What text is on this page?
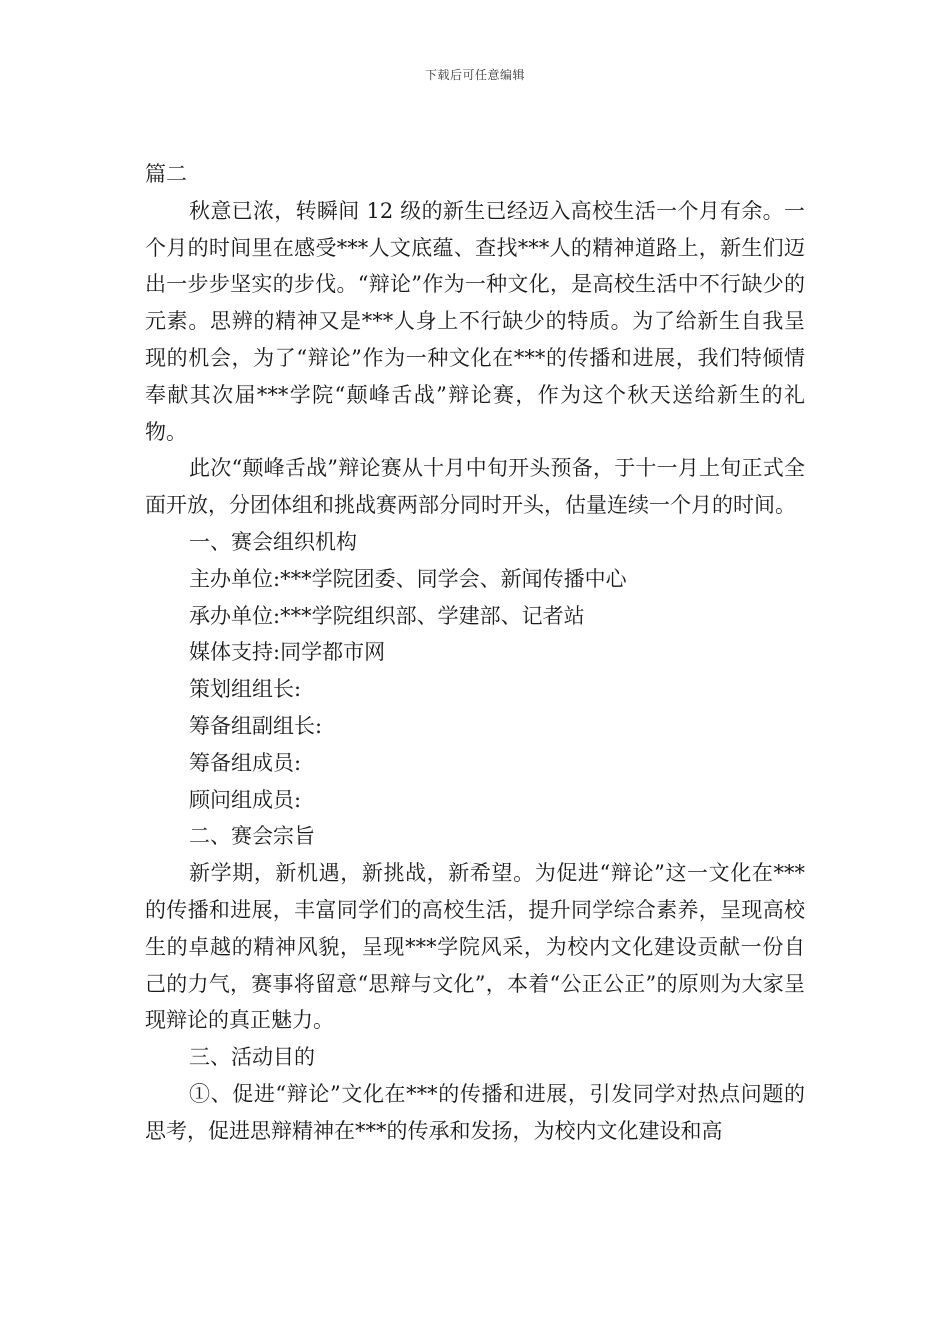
下载后可任意编辑

篇二

秋意已浓，转瞬间 12 级的新生已经迈入高校生活一个月有余。一个月的时间里在感受***人文底蕴、查找***人的精神道路上，新生们迈出一步步坚实的步伐。“辩论”作为一种文化，是高校生活中不行缺少的元素。思辨的精神又是***人身上不行缺少的特质。为了给新生自我呈现的机会，为了“辩论”作为一种文化在***的传播和进展，我们特倾情奉献其次届***学院“颠峰舌战”辩论赛，作为这个秋天送给新生的礼物。

此次“颠峰舌战”辩论赛从十月中旬开头预备，于十一月上旬正式全面开放，分团体组和挑战赛两部分同时开头，估量连续一个月的时间。

一、赛会组织机构

主办单位:***学院团委、同学会、新闻传播中心

承办单位:***学院组织部、学建部、记者站

媒体支持:同学都市网

策划组组长:

筹备组副组长:

筹备组成员:

顾问组成员:

二、赛会宗旨

新学期，新机遇，新挑战，新希望。为促进“辩论”这一文化在***的传播和进展，丰富同学们的高校生活，提升同学综合素养，呈现高校生的卓越的精神风貌，呈现***学院风采，为校内文化建设贡献一份自己的力气，赛事将留意“思辩与文化”，本着“公正公正”的原则为大家呈现辩论的真正魅力。

三、活动目的

①、促进“辩论”文化在***的传播和进展，引发同学对热点问题的思考，促进思辩精神在***的传承和发扬，为校内文化建设和高
